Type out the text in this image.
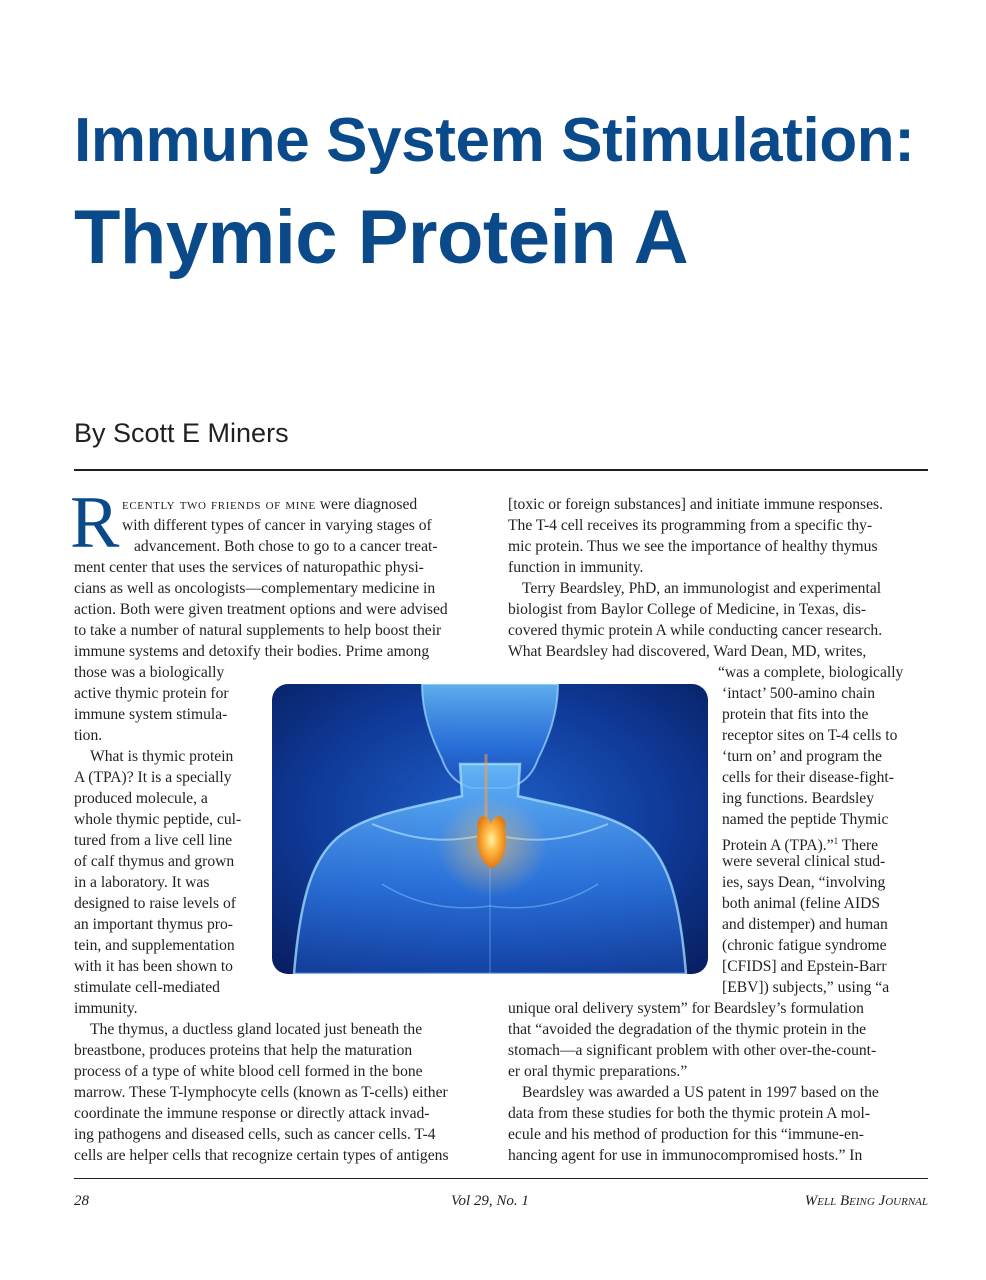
Immune System Stimulation:
Thymic Protein A
By Scott E Miners
R ecently two friends of mine were diagnosed

with different types of cancer in varying stages of

advancement. Both chose to go to a cancer treat-

ment center that uses the services of naturopathic physi-

cians as well as oncologists—complementary medicine in

action. Both were given treatment options and were advised

to take a number of natural supplements to help boost their

immune systems and detoxify their bodies. Prime among

those was a biologically

active thymic protein for

immune system stimula-

tion.

What is thymic protein

A (TPA)? It is a specially

produced molecule, a

whole thymic peptide, cul-

tured from a live cell line

of calf thymus and grown

in a laboratory. It was

designed to raise levels of

an important thymus pro-

tein, and supplementation

with it has been shown to

stimulate cell-mediated

immunity.

The thymus, a ductless gland located just beneath the

breastbone, produces proteins that help the maturation

process of a type of white blood cell formed in the bone

marrow. These T-lymphocyte cells (known as T-cells) either

coordinate the immune response or directly attack invad-

ing pathogens and diseased cells, such as cancer cells. T-4

cells are helper cells that recognize certain types of antigens

[toxic or foreign substances] and initiate immune responses.

The T-4 cell receives its programming from a specific thy-

mic protein. Thus we see the importance of healthy thymus

function in immunity.

Terry Beardsley, PhD, an immunologist and experimental

biologist from Baylor College of Medicine, in Texas, dis-

covered thymic protein A while conducting cancer research.

What Beardsley had discovered, Ward Dean, MD, writes,

“was a complete, biologically

‘intact’ 500-amino chain

protein that fits into the

receptor sites on T-4 cells to

‘turn on’ and program the

cells for their disease-fight-

ing functions. Beardsley

named the peptide Thymic

Protein A (TPA).”$^1$ There

were several clinical stud-

ies, says Dean, “involving

both animal (feline AIDS

and distemper) and human

(chronic fatigue syndrome

[CFIDS] and Epstein-Barr

[EBV]) subjects,” using “a

unique oral delivery system” for Beardsley’s formulation

that “avoided the degradation of the thymic protein in the

stomach—a significant problem with other over-the-count-

er oral thymic preparations.”

Beardsley was awarded a US patent in 1997 based on the

data from these studies for both the thymic protein A mol-

ecule and his method of production for this “immune-en-

hancing agent for use in immunocompromised hosts.” In

28	Vol 29, No. 1	Well Being Journal
